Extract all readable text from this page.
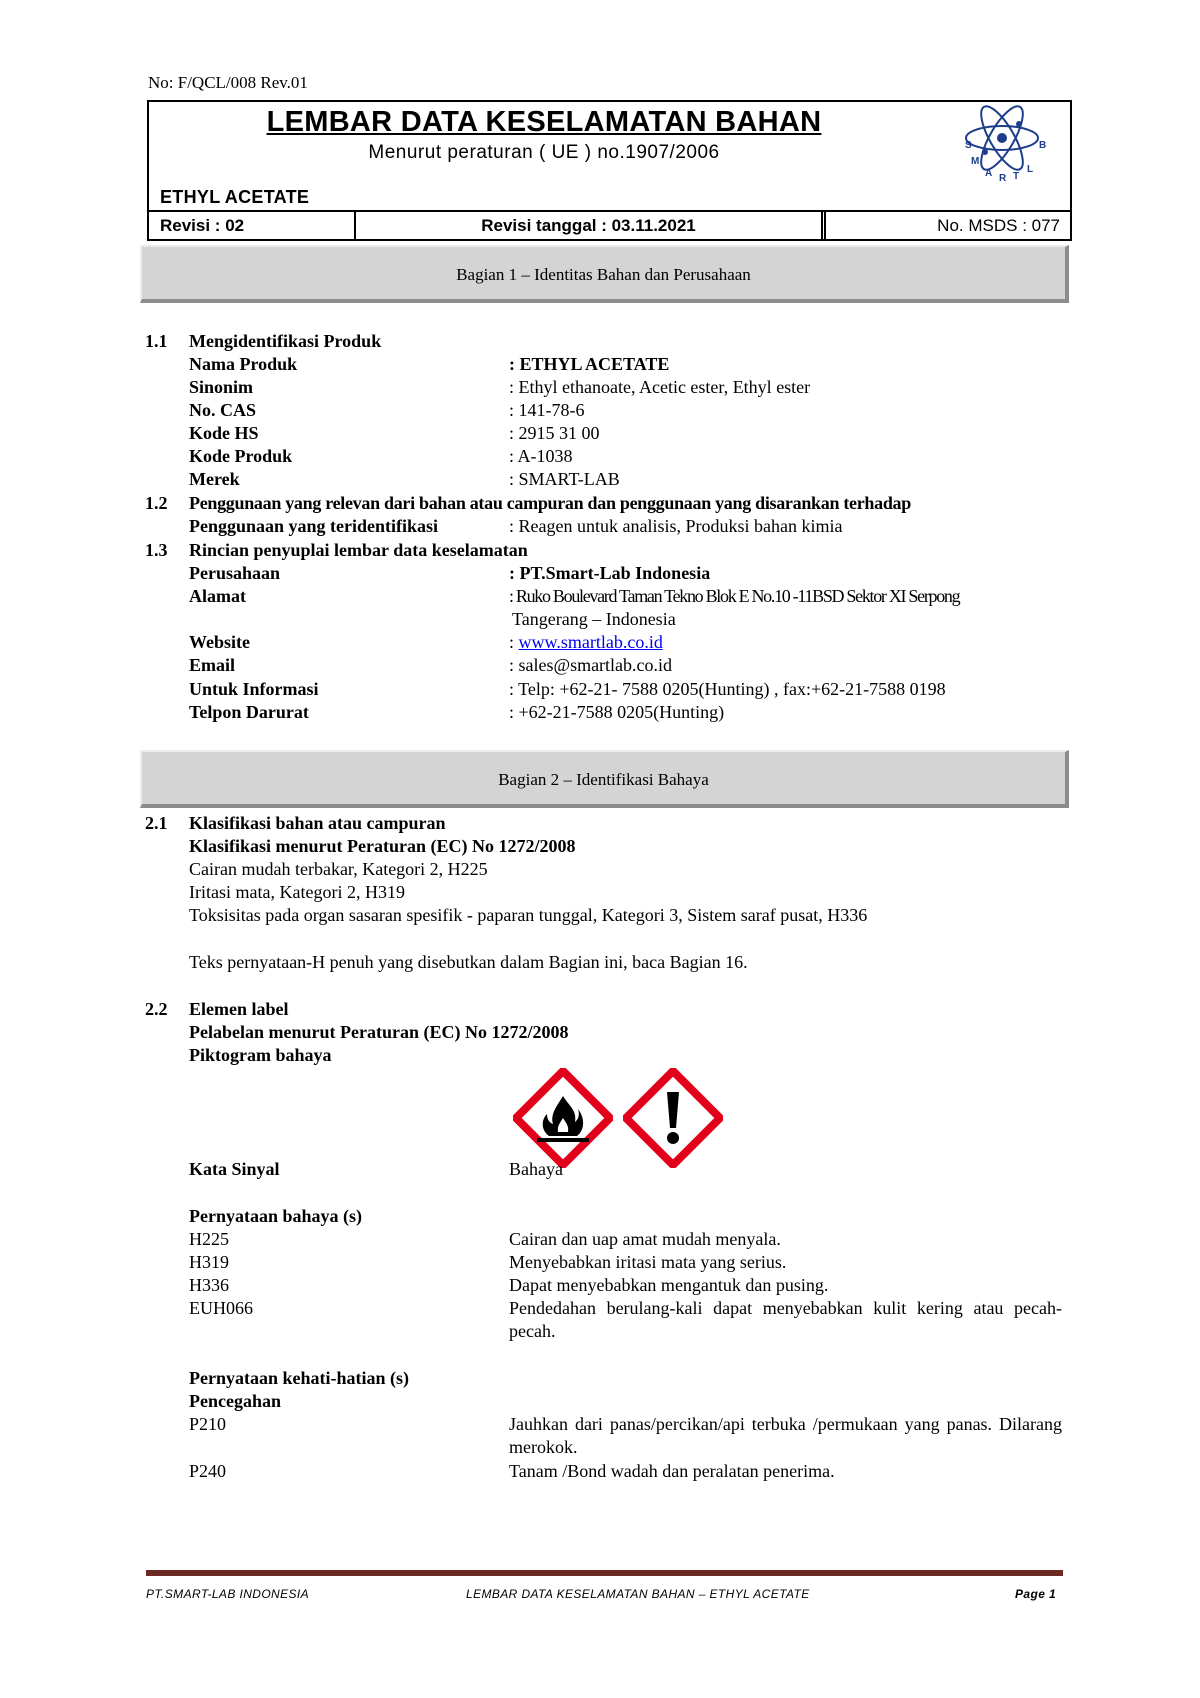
No: F/QCL/008 Rev.01
LEMBAR DATA KESELAMATAN BAHAN
Menurut peraturan ( UE ) no.1907/2006
ETHYL ACETATE
S
M
A R T
L
B
Revisi : 02	Revisi tanggal : 03.11.2021	No. MSDS : 077
Bagian 1 – Identitas Bahan dan Perusahaan
1.1 Mengidentifikasi Produk
Nama Produk	: ETHYL ACETATE
Sinonim	: Ethyl ethanoate, Acetic ester, Ethyl ester
No. CAS	: 141-78-6
Kode HS	: 2915 31 00
Kode Produk	: A-1038
Merek	: SMART-LAB
1.2 Penggunaan yang relevan dari bahan atau campuran dan penggunaan yang disarankan terhadap
Penggunaan yang teridentifikasi	: Reagen untuk analisis, Produksi bahan kimia
1.3 Rincian penyuplai lembar data keselamatan
Perusahaan	: PT.Smart-Lab Indonesia
Alamat	: Ruko Boulevard Taman Tekno Blok E No.10 -11BSD Sektor XI Serpong
Tangerang – Indonesia
Website	: www.smartlab.co.id
Email	: sales@smartlab.co.id
Untuk Informasi	: Telp: +62-21- 7588 0205(Hunting) , fax:+62-21-7588 0198
Telpon Darurat	: +62-21-7588 0205(Hunting)
Bagian 2 – Identifikasi Bahaya
2.1 Klasifikasi bahan atau campuran
Klasifikasi menurut Peraturan (EC) No 1272/2008
Cairan mudah terbakar, Kategori 2, H225
Iritasi mata, Kategori 2, H319
Toksisitas pada organ sasaran spesifik - paparan tunggal, Kategori 3, Sistem saraf pusat, H336
Teks pernyataan-H penuh yang disebutkan dalam Bagian ini, baca Bagian 16.
2.2 Elemen label
Pelabelan menurut Peraturan (EC) No 1272/2008
Piktogram bahaya
Kata Sinyal	Bahaya
Pernyataan bahaya (s)
H225	Cairan dan uap amat mudah menyala.
H319	Menyebabkan iritasi mata yang serius.
H336	Dapat menyebabkan mengantuk dan pusing.
EUH066	Pendedahan berulang-kali dapat menyebabkan kulit kering atau pecah-pecah.
Pernyataan kehati-hatian (s)
Pencegahan
P210	Jauhkan dari panas/percikan/api terbuka /permukaan yang panas. Dilarang merokok.
P240	Tanam /Bond wadah dan peralatan penerima.
PT.SMART-LAB INDONESIA	LEMBAR DATA KESELAMATAN BAHAN – ETHYL ACETATE	Page 1
